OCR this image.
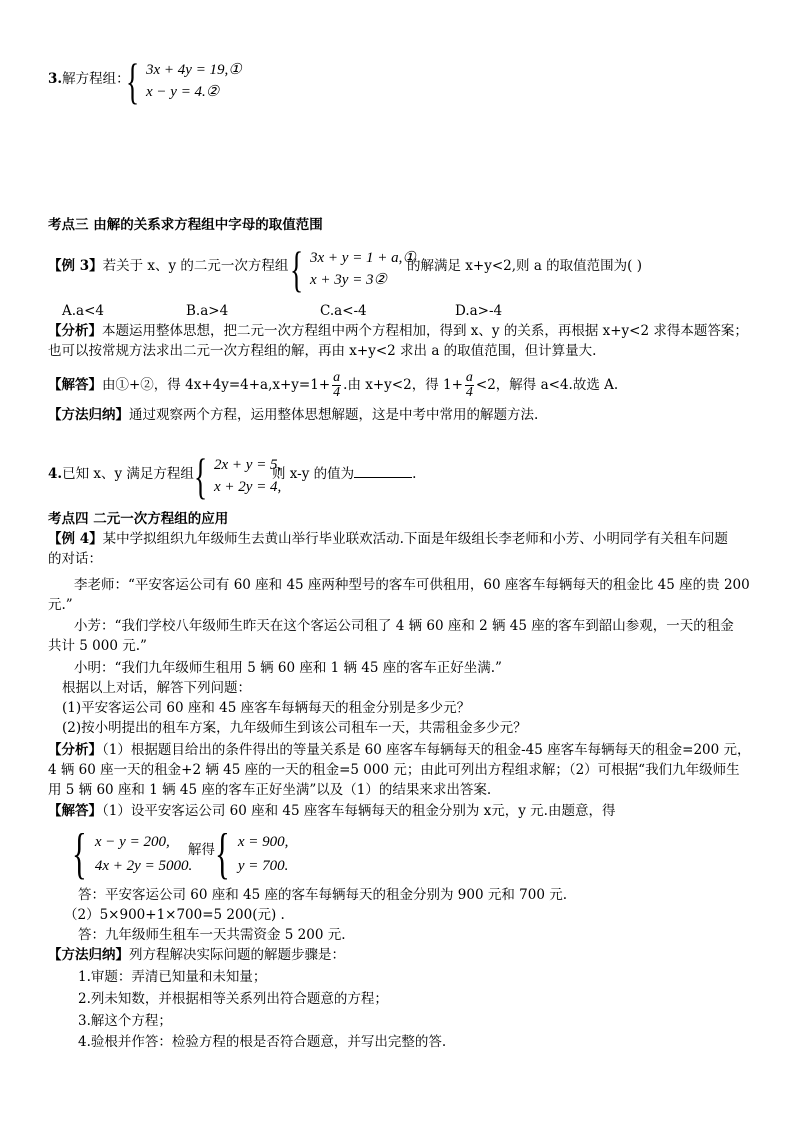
3.解方程组：
{ 3x + 4y = 19,①
x − y = 4.②
考点三 由解的关系求方程组中字母的取值范围
【例 3】若关于 x、y 的二元一次方程组 { 3x + y = 1 + a,①
x + 3y = 3②
的解满足 x+y<2,则 a 的取值范围为( )
A.a<4	B.a>4	C.a<-4	D.a>-4
【分析】本题运用整体思想，把二元一次方程组中两个方程相加，得到 x、y 的关系，再根据 x+y<2 求得本题答案；
也可以按常规方法求出二元一次方程组的解，再由 x+y<2 求出 a 的取值范围，但计算量大.
【解答】由①+②，得 $4x+4y=4+a,x+y=1+ \frac{a}{4}$ .由 x+y<2，得 $1+ \frac{a}{4} <2$，解得 a<4.故选 A.
【方法归纳】通过观察两个方程，运用整体思想解题，这是中考中常用的解题方法.
4.已知 x、y 满足方程组 { 2x + y = 5,
x + 2y = 4,
则 x-y 的值为	.
考点四 二元一次方程组的应用
【例 4】某中学拟组织九年级师生去黄山举行毕业联欢活动.下面是年级组长李老师和小芳、小明同学有关租车问题
的对话：
李老师：“平安客运公司有 60 座和 45 座两种型号的客车可供租用，60 座客车每辆每天的租金比 45 座的贵 200
元.”
小芳：“我们学校八年级师生昨天在这个客运公司租了 4 辆 60 座和 2 辆 45 座的客车到韶山参观，一天的租金
共计 5 000 元.”
小明：“我们九年级师生租用 5 辆 60 座和 1 辆 45 座的客车正好坐满.”
根据以上对话，解答下列问题：
(1)平安客运公司 60 座和 45 座客车每辆每天的租金分别是多少元？
(2)按小明提出的租车方案，九年级师生到该公司租车一天，共需租金多少元？
【分析】（1）根据题目给出的条件得出的等量关系是 60 座客车每辆每天的租金-45 座客车每辆每天的租金=200 元，
4 辆 60 座一天的租金+2 辆 45 座的一天的租金=5 000 元；由此可列出方程组求解；（2）可根据“我们九年级师生
用 5 辆 60 座和 1 辆 45 座的客车正好坐满”以及（1）的结果来求出答案.
【解答】（1）设平安客运公司 60 座和 45 座客车每辆每天的租金分别为 x元，y 元.由题意，得
{ x − y = 200,
4x + 2y = 5000.
解得 { x = 900,
y = 700.
答：平安客运公司 60 座和 45 座的客车每辆每天的租金分别为 900 元和 700 元.
（2）5×900+1×700=5 200(元) .
答：九年级师生租车一天共需资金 5 200 元.
【方法归纳】列方程解决实际问题的解题步骤是：
1.审题：弄清已知量和未知量；
2.列未知数，并根据相等关系列出符合题意的方程；
3.解这个方程；
4.验根并作答：检验方程的根是否符合题意，并写出完整的答.
